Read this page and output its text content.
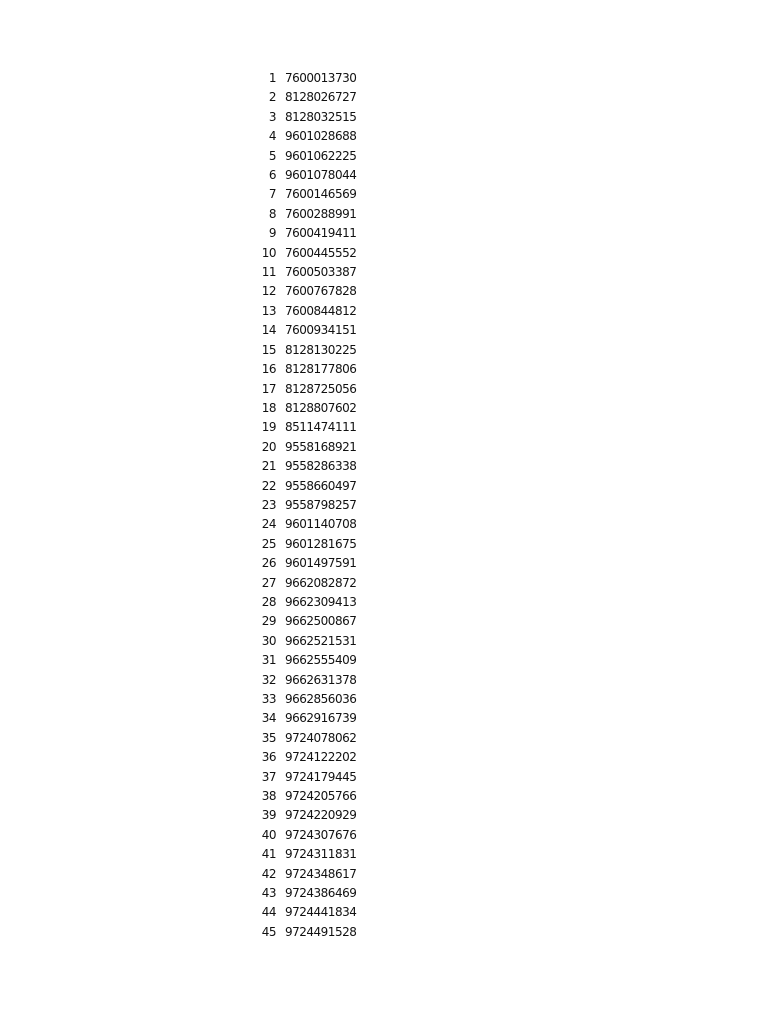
1 7600013730
2 8128026727
3 8128032515
4 9601028688
5 9601062225
6 9601078044
7 7600146569
8 7600288991
9 7600419411
10 7600445552
11 7600503387
12 7600767828
13 7600844812
14 7600934151
15 8128130225
16 8128177806
17 8128725056
18 8128807602
19 8511474111
20 9558168921
21 9558286338
22 9558660497
23 9558798257
24 9601140708
25 9601281675
26 9601497591
27 9662082872
28 9662309413
29 9662500867
30 9662521531
31 9662555409
32 9662631378
33 9662856036
34 9662916739
35 9724078062
36 9724122202
37 9724179445
38 9724205766
39 9724220929
40 9724307676
41 9724311831
42 9724348617
43 9724386469
44 9724441834
45 9724491528
